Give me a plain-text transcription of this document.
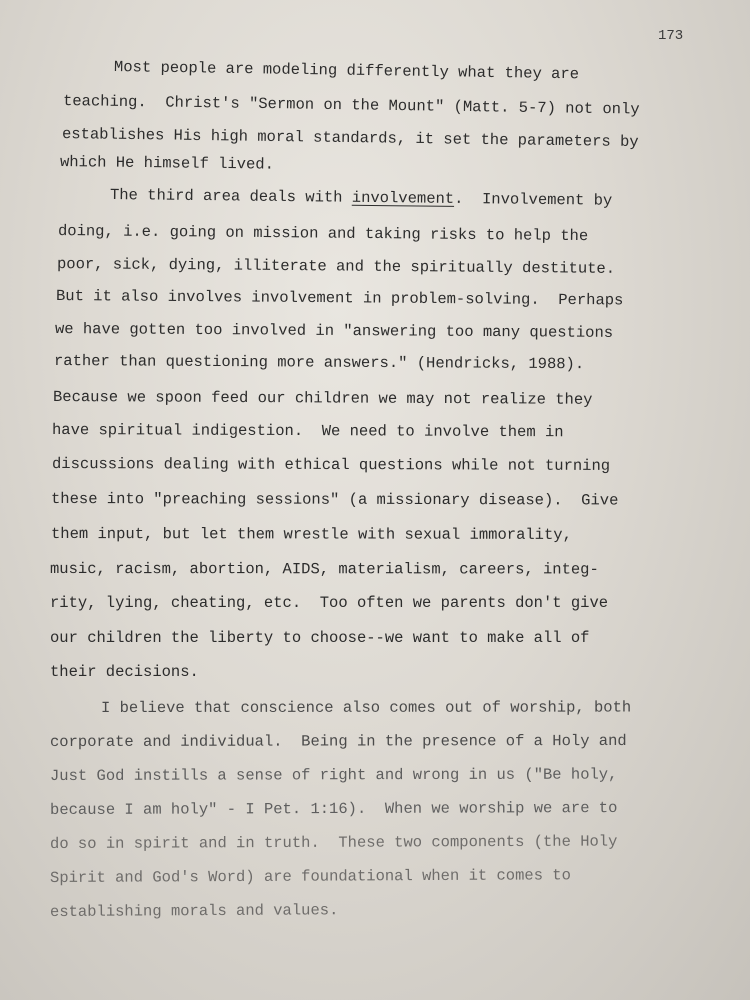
173
Most people are modeling differently what they are
teaching.  Christ's "Sermon on the Mount" (Matt. 5-7) not only
establishes His high moral standards, it set the parameters by
which He himself lived.
The third area deals with involvement.  Involvement by
doing, i.e. going on mission and taking risks to help the
poor, sick, dying, illiterate and the spiritually destitute.
But it also involves involvement in problem-solving.  Perhaps
we have gotten too involved in "answering too many questions
rather than questioning more answers." (Hendricks, 1988).
Because we spoon feed our children we may not realize they
have spiritual indigestion.  We need to involve them in
discussions dealing with ethical questions while not turning
these into "preaching sessions" (a missionary disease).  Give
them input, but let them wrestle with sexual immorality,
music, racism, abortion, AIDS, materialism, careers, integ-
rity, lying, cheating, etc.  Too often we parents don't give
our children the liberty to choose--we want to make all of
their decisions.
I believe that conscience also comes out of worship, both
corporate and individual.  Being in the presence of a Holy and
Just God instills a sense of right and wrong in us ("Be holy,
because I am holy" - I Pet. 1:16).  When we worship we are to
do so in spirit and in truth.  These two components (the Holy
Spirit and God's Word) are foundational when it comes to
establishing morals and values.
